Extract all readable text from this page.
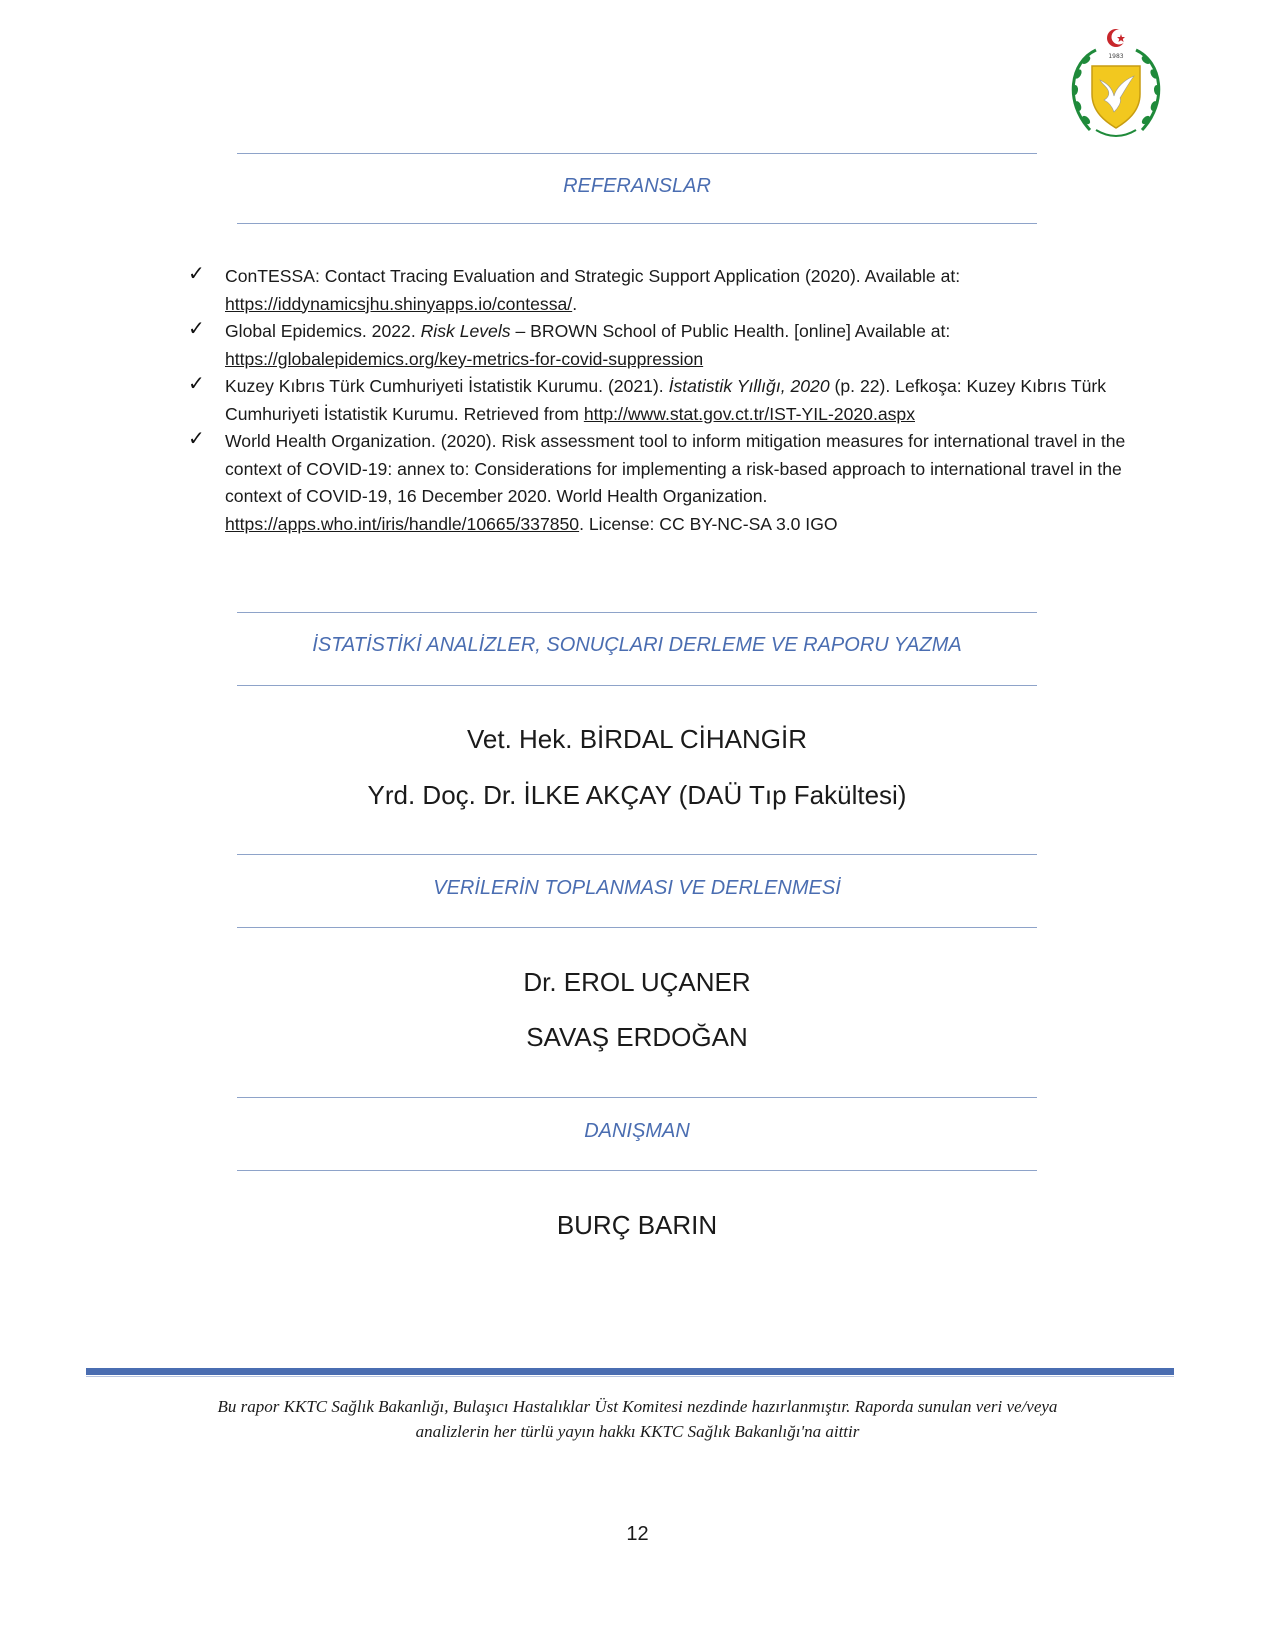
1983
REFERANSLAR
✓ ConTESSA: Contact Tracing Evaluation and Strategic Support Application (2020). Available at: https://iddynamicsjhu.shinyapps.io/contessa/.
✓ Global Epidemics. 2022. Risk Levels – BROWN School of Public Health. [online] Available at: https://globalepidemics.org/key-metrics-for-covid-suppression
✓ Kuzey Kıbrıs Türk Cumhuriyeti İstatistik Kurumu. (2021). İstatistik Yıllığı, 2020 (p. 22). Lefkoşa: Kuzey Kıbrıs Türk Cumhuriyeti İstatistik Kurumu. Retrieved from http://www.stat.gov.ct.tr/IST-YIL-2020.aspx
✓ World Health Organization. (2020). Risk assessment tool to inform mitigation measures for international travel in the context of COVID-19: annex to: Considerations for implementing a risk-based approach to international travel in the context of COVID-19, 16 December 2020. World Health Organization. https://apps.who.int/iris/handle/10665/337850. License: CC BY-NC-SA 3.0 IGO
İSTATİSTİKİ ANALİZLER, SONUÇLARI DERLEME VE RAPORU YAZMA
Vet. Hek. BİRDAL CİHANGİR
Yrd. Doç. Dr. İLKE AKÇAY (DAÜ Tıp Fakültesi)
VERİLERİN TOPLANMASI VE DERLENMESİ
Dr. EROL UÇANER
SAVAŞ ERDOĞAN
DANIŞMAN
BURÇ BARIN
Bu rapor KKTC Sağlık Bakanlığı, Bulaşıcı Hastalıklar Üst Komitesi nezdinde hazırlanmıştır. Raporda sunulan veri ve/veya
analizlerin her türlü yayın hakkı KKTC Sağlık Bakanlığı'na aittir
12
